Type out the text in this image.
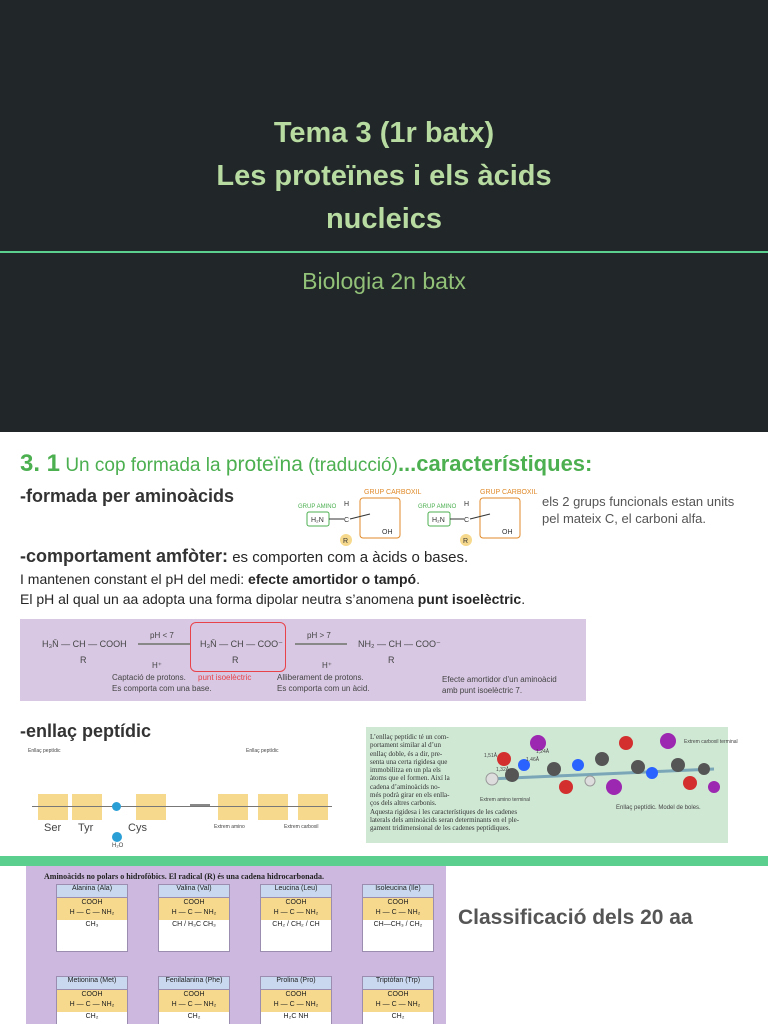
Tema 3 (1r batx)
Les proteïnes i els àcids
nucleics
Biologia 2n batx
3. 1 Un cop formada la proteïna (traducció)...característiques:
-formada per aminoàcids	GRUP CARBOXIL
GRUP AMINO
H₂N	C
H
OH
R
GRUP CARBOXIL
GRUP AMINO
H₂N	C
H
OH
R
els 2 grups funcionals estan units
pel mateix C, el carboni alfa.
-comportament amfòter: es comporten com a àcids o bases.
I mantenen constant el pH del medi: efecte amortidor o tampó.
El pH al qual un aa adopta una forma dipolar neutra s’anomena punt isoelèctric.
H₃N̄ — CH — COOH
R
pH < 7
H⁺
H₃N̄ — CH — COO⁻
R
pH > 7
H⁺
NH₂ — CH — COO⁻
R
Captació de protons. punt isoelèctric
Es comporta com una base.
Alliberament de protons.
Es comporta com un àcid.
Efecte amortidor d’un aminoàcid
amb punt isoelèctric 7.
-enllaç peptídic
H₂O
Enllaç peptídic	Enllaç peptídic
Ser Tyr	Cys	Extrem amino	Extrem carboxil
L’enllaç peptídic té un com-
portament similar al d’un
enllaç doble, és a dir, pre-
senta una certa rigidesa que
immobilitza en un pla els
àtoms que el formen. Així la
cadena d’aminoàcids no-
més podrà girar en els enlla-
ços dels altres carbonis.
Aquesta rigidesa i les característiques de les cadenes
laterals dels aminoàcids seran determinants en el ple-
gament tridimensional de les cadenes peptídiques.
1,24Å
1,46Å
1,51Å
1,32Å
Extrem amino terminal
Extrem carboxil terminal
Enllaç peptídic. Model de boles.
Aminoàcids no polars o hidrofòbics. El radical (R) és una cadena hidrocarbonada.
Alanina (Ala)
COOH
H — C — NH₂
CH₃
Valina (Val)
COOH
H — C — NH₂
CH / H₃C CH₃
Leucina (Leu)
COOH
H — C — NH₂
CH₂ / CH₂ / CH
Isoleucina (Ile)
COOH
H — C — NH₂
CH—CH₃ / CH₂
Metionina (Met)
COOH
H — C — NH₂
CH₂
Fenilalanina (Phe)
COOH
H — C — NH₂
CH₂
Prolina (Pro)
COOH
H — C — NH₂
H₂C NH
Triptòfan (Trp)
COOH
H — C — NH₂
CH₂
Classificació dels 20 aa
